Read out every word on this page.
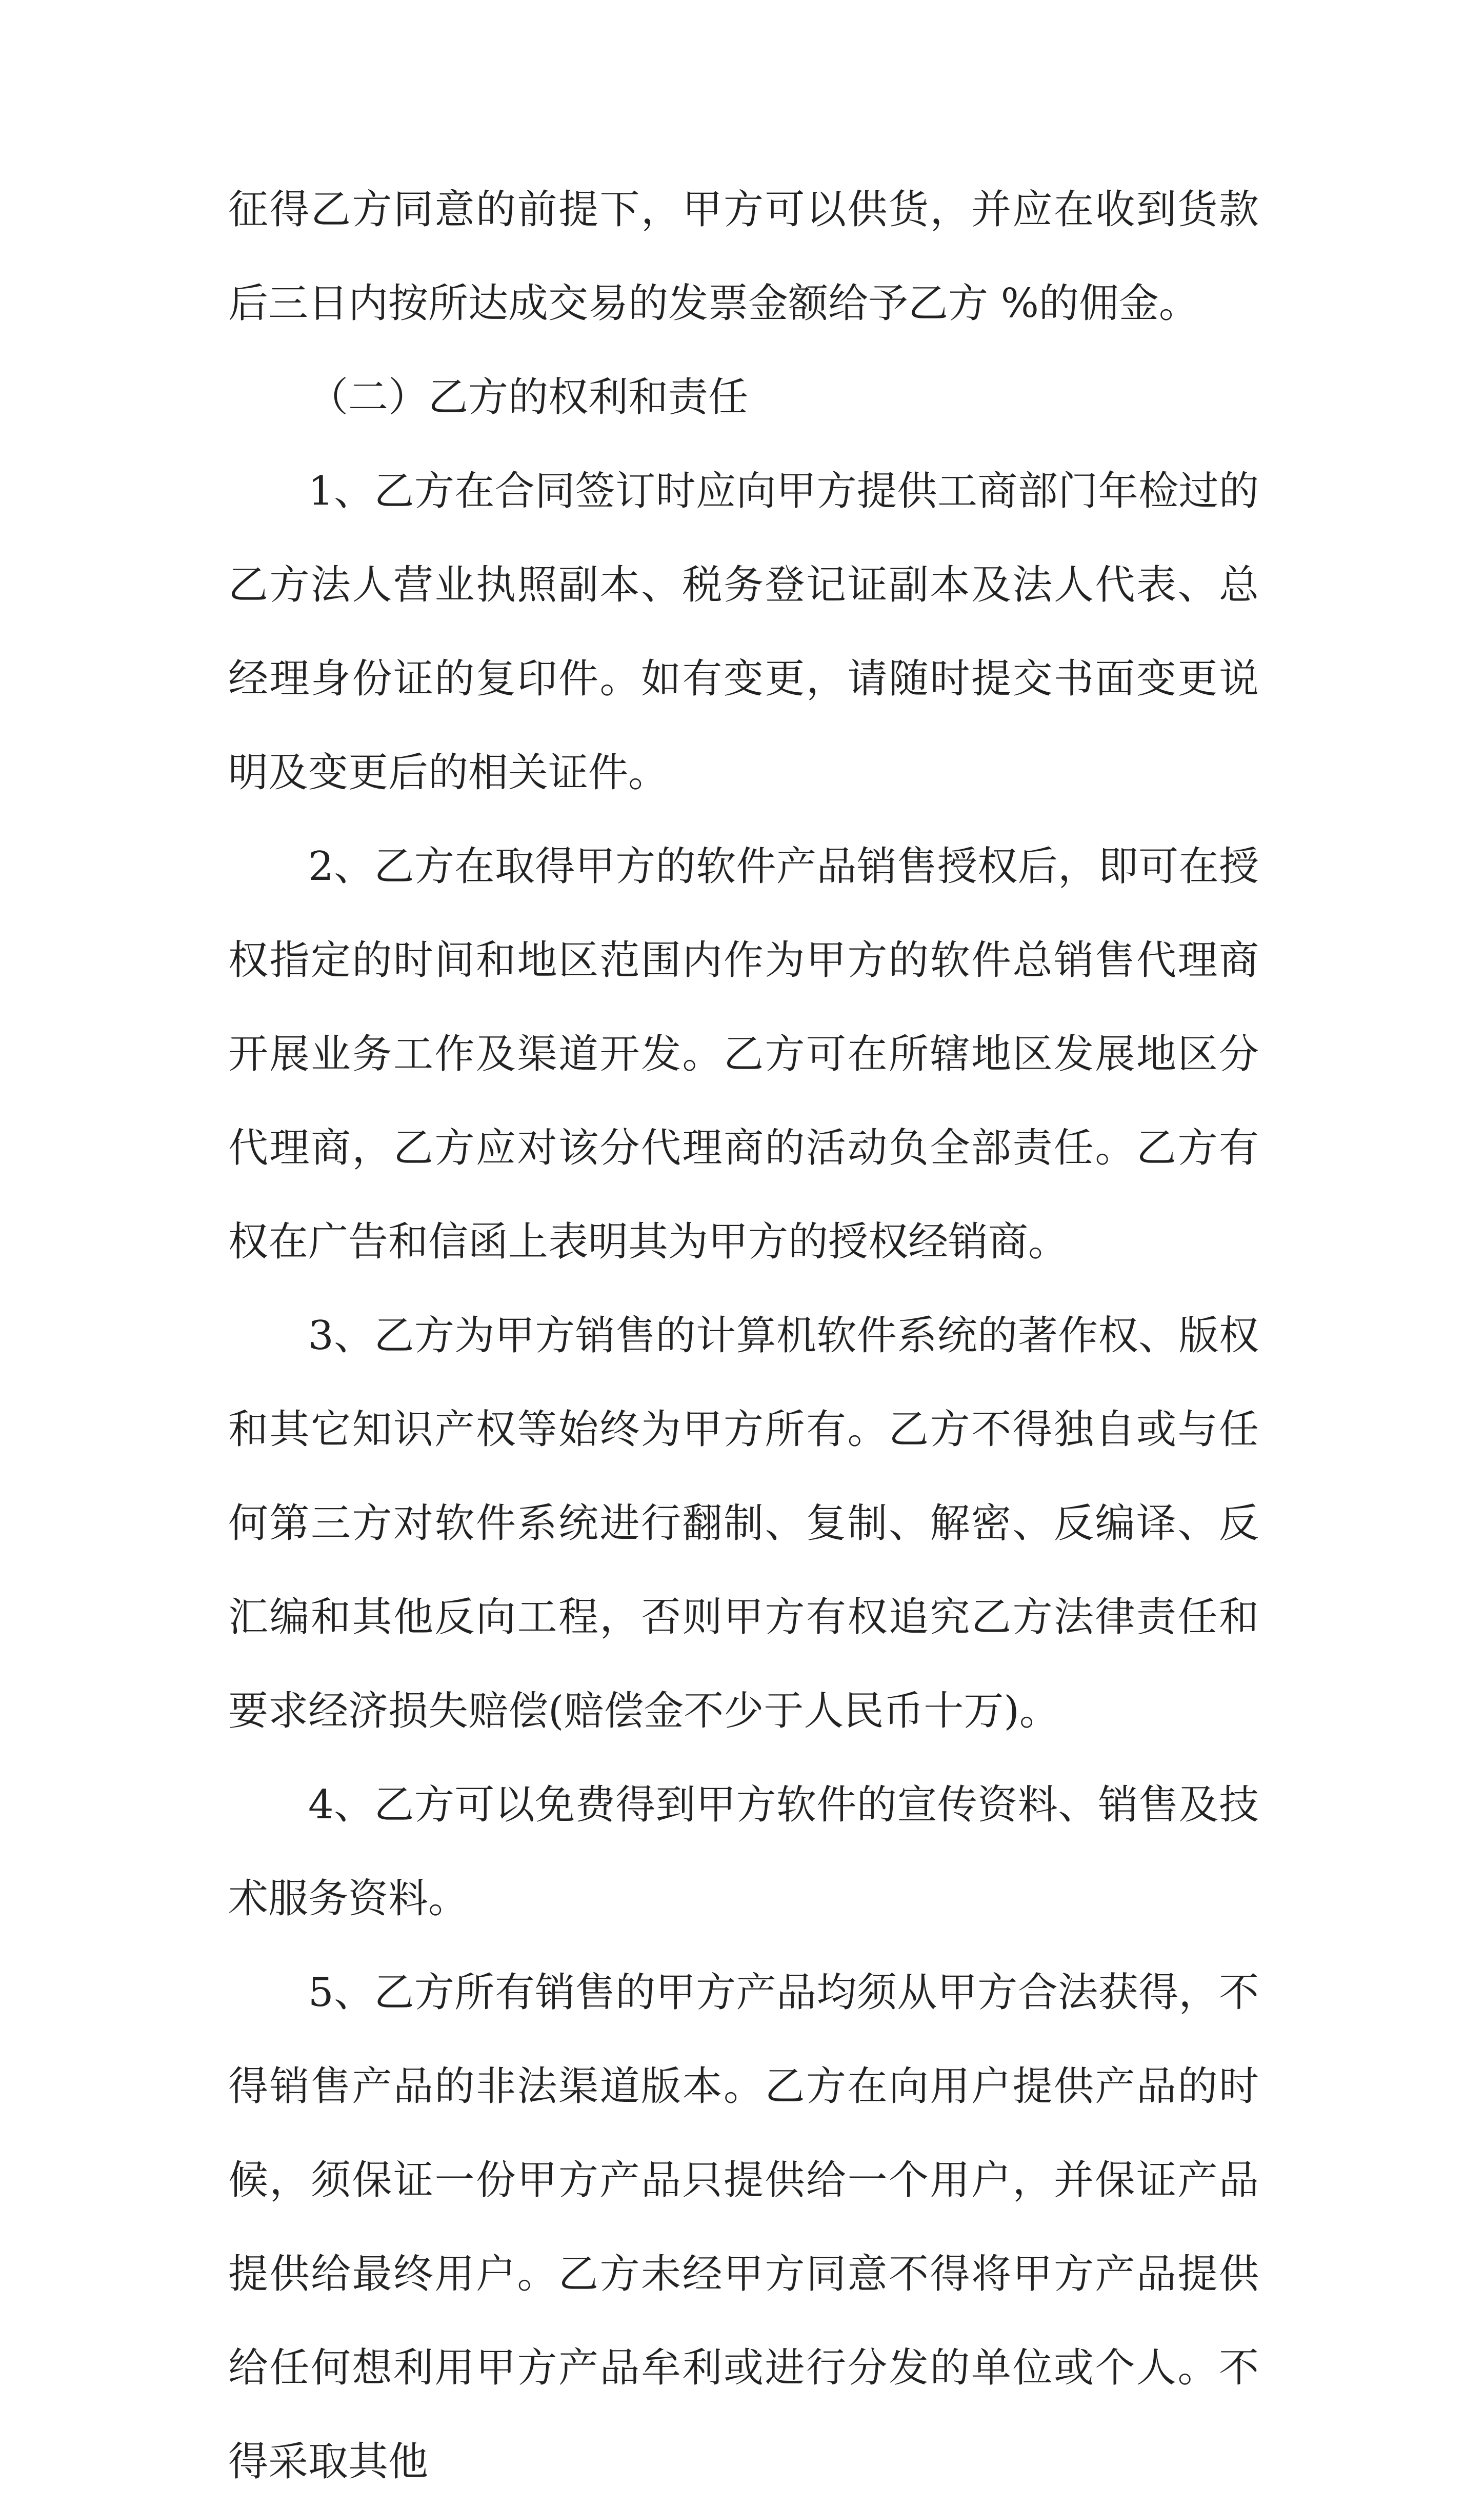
征得乙方同意的前提下，甲方可以供货，并应在收到货款后三日内按所达成交易的发票金额给予乙方 %的佣金。

（二）乙方的权利和责任

1、乙方在合同签订时应向甲方提供工商部门年检过的乙方法人营业执照副本、税务登记证副本及法人代表、总经理身份证的复印件。如有变更，请随时提交书面变更说明及变更后的相关证件。

2、乙方在取得甲方的软件产品销售授权后，即可在授权指定的时间和地区范围内作为甲方的软件总销售代理商开展业务工作及渠道开发。乙方可在所辖地区发展地区分代理商，乙方应对该分代理商的活动负全部责任。乙方有权在广告和信函上表明其为甲方的授权经销商。

3、乙方为甲方销售的计算机软件系统的著作权、版权和其它知识产权等始终为甲方所有。乙方不得独自或与任何第三方对软件系统进行翻制、复制、解密、反编译、反汇编和其他反向工程，否则甲方有权追究乙方法律责任和要求经济损失赔偿(赔偿金不少于人民币十万)。

4、乙方可以免费得到甲方软件的宣传资料、销售及技术服务资料。

5、乙方所有销售的甲方产品均须从甲方合法获得，不得销售产品的非法渠道版本。乙方在向用户提供产品的时候，须保证一份甲方产品只提供给一个用户，并保证产品提供给最终用户。乙方未经甲方同意不得将甲方产品提供给任何想利用甲方产品牟利或进行分发的单位或个人。不得采取其他
